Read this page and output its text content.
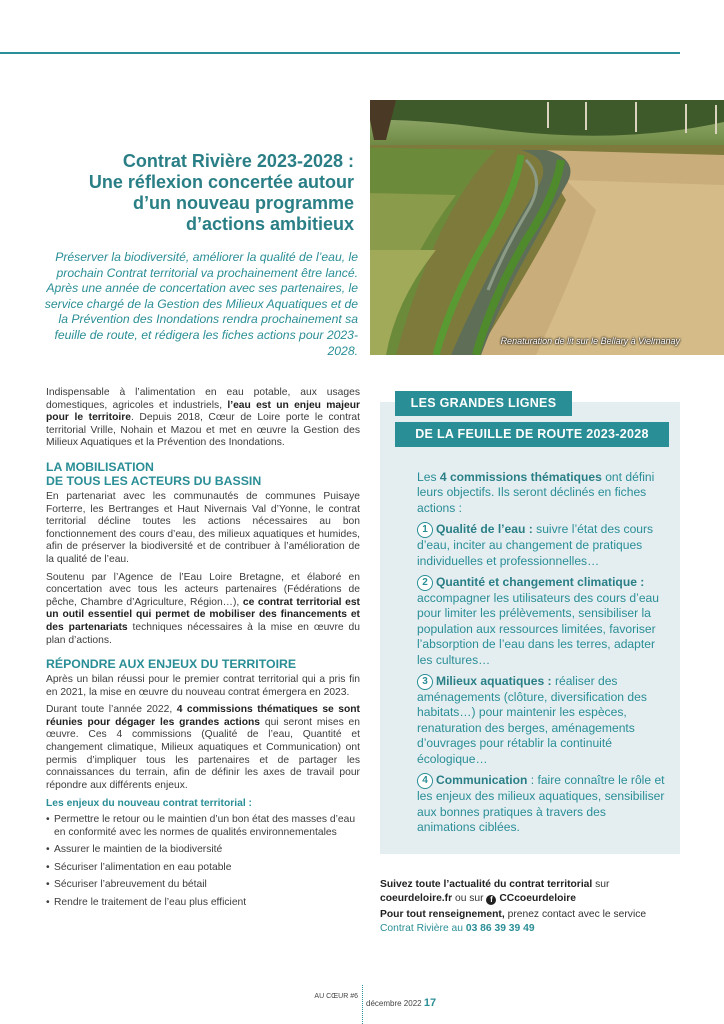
Contrat Rivière 2023-2028 :
Une réflexion concertée autour
d’un nouveau programme
d’actions ambitieux
Préserver la biodiversité, améliorer la qualité de l’eau, le prochain Contrat territorial va prochainement être lancé. Après une année de concertation avec ses partenaires, le service chargé de la Gestion des Milieux Aquatiques et de la Prévention des Inondations rendra prochainement sa feuille de route, et rédigera les fiches actions pour 2023-2028.
Renaturation de lit sur le Bellary à Vielmanay

Indispensable à l’alimentation en eau potable, aux usages domestiques, agricoles et industriels, l’eau est un enjeu majeur pour le territoire. Depuis 2018, Cœur de Loire porte le contrat territorial Vrille, Nohain et Mazou et met en œuvre la Gestion des Milieux Aquatiques et la Prévention des Inondations.

LA MOBILISATION
DE TOUS LES ACTEURS DU BASSIN

En partenariat avec les communautés de communes Puisaye Forterre, les Bertranges et Haut Nivernais Val d’Yonne, le contrat territorial décline toutes les actions nécessaires au bon fonctionnement des cours d’eau, des milieux aquatiques et humides, afin de préserver la biodiversité et de contribuer à l’amélioration de la qualité de l’eau.

Soutenu par l’Agence de l’Eau Loire Bretagne, et élaboré en concertation avec tous les acteurs partenaires (Fédérations de pêche, Chambre d’Agriculture, Région…), ce contrat territorial est un outil essentiel qui permet de mobiliser des financements et des partenariats techniques nécessaires à la mise en œuvre du plan d’actions.

RÉPONDRE AUX ENJEUX DU TERRITOIRE

Après un bilan réussi pour le premier contrat territorial qui a pris fin en 2021, la mise en œuvre du nouveau contrat émergera en 2023.

Durant toute l’année 2022, 4 commissions thématiques se sont réunies pour dégager les grandes actions qui seront mises en œuvre. Ces 4 commissions (Qualité de l’eau, Quantité et changement climatique, Milieux aquatiques et Communication) ont permis d’impliquer tous les partenaires et de partager les connaissances du terrain, afin de définir les axes de travail pour répondre aux différents enjeux.

Les enjeux du nouveau contrat territorial :
• Permettre le retour ou le maintien d’un bon état des masses d’eau en conformité avec les normes de qualités environnementales
• Assurer le maintien de la biodiversité
• Sécuriser l’alimentation en eau potable
• Sécuriser l’abreuvement du bétail
• Rendre le traitement de l’eau plus efficient
LES GRANDES LIGNES
DE LA FEUILLE DE ROUTE 2023-2028

Les 4 commissions thématiques ont défini leurs objectifs. Ils seront déclinés en fiches actions :

1 Qualité de l’eau : suivre l’état des cours d’eau, inciter au changement de pratiques individuelles et professionnelles…

2 Quantité et changement climatique : accompagner les utilisateurs des cours d’eau pour limiter les prélèvements, sensibiliser la population aux ressources limitées, favoriser l’absorption de l’eau dans les terres, adapter les cultures…

3 Milieux aquatiques : réaliser des aménagements (clôture, diversification des habitats…) pour maintenir les espèces, renaturation des berges, aménagements d’ouvrages pour rétablir la continuité écologique…

4 Communication : faire connaître le rôle et les enjeux des milieux aquatiques, sensibiliser aux bonnes pratiques à travers des animations ciblées.

Suivez toute l’actualité du contrat territorial sur
coeurdeloire.fr ou sur f CCcoeurdeloire

Pour tout renseignement, prenez contact avec le service Contrat Rivière au 03 86 39 39 49

AU CŒUR #6
décembre 2022 17
